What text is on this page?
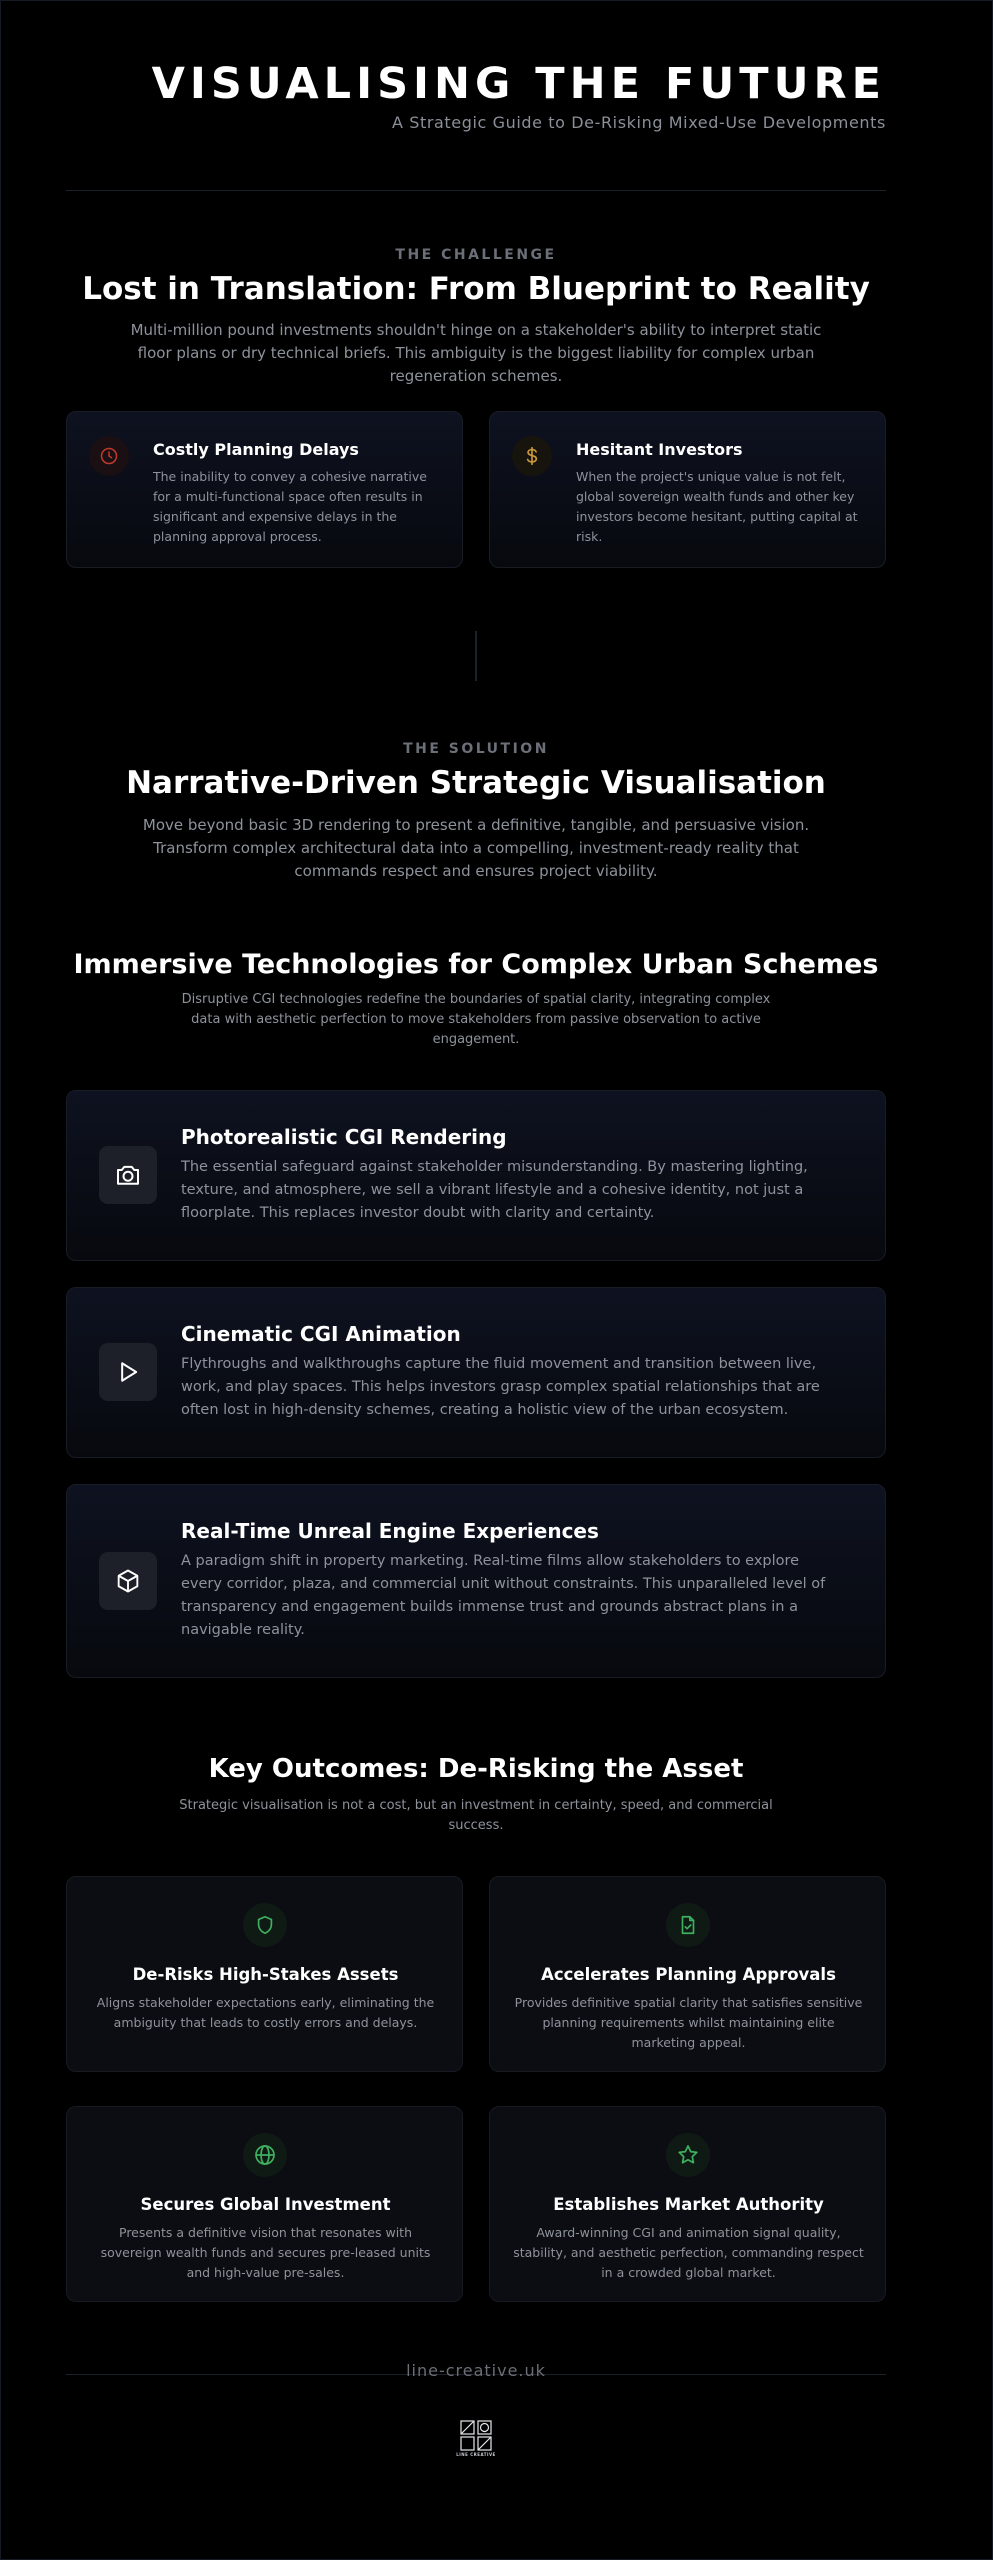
VISUALISING THE FUTURE
A Strategic Guide to De-Risking Mixed-Use Developments
THE CHALLENGE
Lost in Translation: From Blueprint to Reality
Multi-million pound investments shouldn't hinge on a stakeholder's ability to interpret static floor plans or dry technical briefs. This ambiguity is the biggest liability for complex urban regeneration schemes.
Costly Planning Delays
The inability to convey a cohesive narrative for a multi-functional space often results in significant and expensive delays in the planning approval process.
Hesitant Investors
When the project's unique value is not felt, global sovereign wealth funds and other key investors become hesitant, putting capital at risk.
THE SOLUTION
Narrative-Driven Strategic Visualisation
Move beyond basic 3D rendering to present a definitive, tangible, and persuasive vision. Transform complex architectural data into a compelling, investment-ready reality that commands respect and ensures project viability.
Immersive Technologies for Complex Urban Schemes
Disruptive CGI technologies redefine the boundaries of spatial clarity, integrating complex data with aesthetic perfection to move stakeholders from passive observation to active engagement.
Photorealistic CGI Rendering
The essential safeguard against stakeholder misunderstanding. By mastering lighting, texture, and atmosphere, we sell a vibrant lifestyle and a cohesive identity, not just a floorplate. This replaces investor doubt with clarity and certainty.
Cinematic CGI Animation
Flythroughs and walkthroughs capture the fluid movement and transition between live, work, and play spaces. This helps investors grasp complex spatial relationships that are often lost in high-density schemes, creating a holistic view of the urban ecosystem.
Real-Time Unreal Engine Experiences
A paradigm shift in property marketing. Real-time films allow stakeholders to explore every corridor, plaza, and commercial unit without constraints. This unparalleled level of transparency and engagement builds immense trust and grounds abstract plans in a navigable reality.
Key Outcomes: De-Risking the Asset
Strategic visualisation is not a cost, but an investment in certainty, speed, and commercial success.
De-Risks High-Stakes Assets
Aligns stakeholder expectations early, eliminating the ambiguity that leads to costly errors and delays.
Accelerates Planning Approvals
Provides definitive spatial clarity that satisfies sensitive planning requirements whilst maintaining elite marketing appeal.
Secures Global Investment
Presents a definitive vision that resonates with sovereign wealth funds and secures pre-leased units and high-value pre-sales.
Establishes Market Authority
Award-winning CGI and animation signal quality, stability, and aesthetic perfection, commanding respect in a crowded global market.
LINE CREATIVE
line-creative.uk
